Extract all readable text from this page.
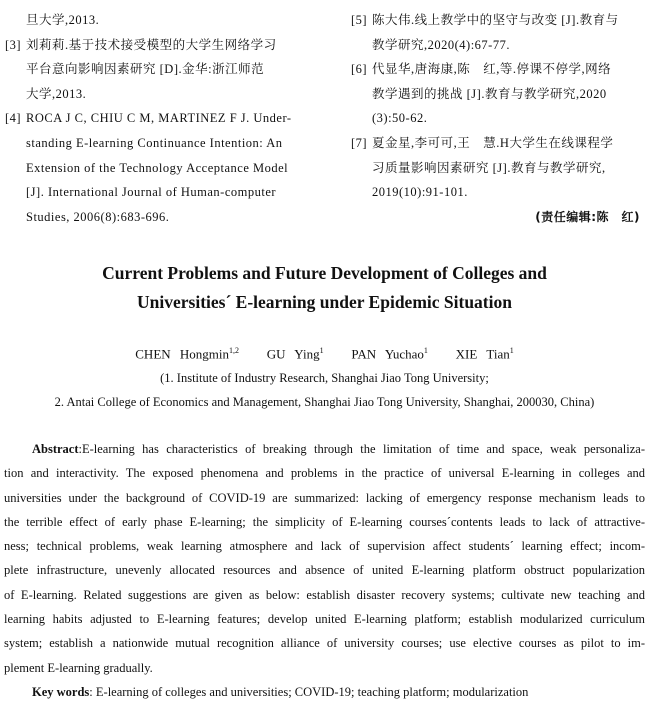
旦大学,2013.
[3] 刘莉莉.基于技术接受模型的大学生网络学习
平台意向影响因素研究 [D].金华:浙江师范
大学,2013.
[4] ROCA J C, CHIU C M, MARTINEZ F J. Under-
standing E-learning Continuance Intention: An
Extension of the Technology Acceptance Model
[J]. International Journal of Human-computer
Studies, 2006(8):683-696.
[5] 陈大伟.线上教学中的坚守与改变 [J].教育与
教学研究,2020(4):67-77.
[6] 代显华,唐海康,陈　红,等.停课不停学,网络
教学遇到的挑战 [J].教育与教学研究,2020
(3):50-62.
[7] 夏金星,李可可,王　慧.H大学生在线课程学
习质量影响因素研究 [J].教育与教学研究,
2019(10):91-101.
(责任编辑:陈　红)
Current Problems and Future Development of Colleges and
Universities´ E-learning under Epidemic Situation
CHEN Hongmin$^{1,2}$ GU Ying$^1$ PAN Yuchao$^1$ XIE Tian$^1$
(1. Institute of Industry Research, Shanghai Jiao Tong University;
2. Antai College of Economics and Management, Shanghai Jiao Tong University, Shanghai, 200030, China)
Abstract:E-learning has characteristics of breaking through the limitation of time and space, weak personaliza-
tion and interactivity. The exposed phenomena and problems in the practice of universal E-learning in colleges and
universities under the background of COVID-19 are summarized: lacking of emergency response mechanism leads to
the terrible effect of early phase E-learning; the simplicity of E-learning courses´contents leads to lack of attractive-
ness; technical problems, weak learning atmosphere and lack of supervision affect students´ learning effect; incom-
plete infrastructure, unevenly allocated resources and absence of united E-learning platform obstruct popularization
of E-learning. Related suggestions are given as below: establish disaster recovery systems; cultivate new teaching and
learning habits adjusted to E-learning features; develop united E-learning platform; establish modularized curriculum
system; establish a nationwide mutual recognition alliance of university courses; use elective courses as pilot to im-
plement E-learning gradually.
Key words: E-learning of colleges and universities; COVID-19; teaching platform; modularization
